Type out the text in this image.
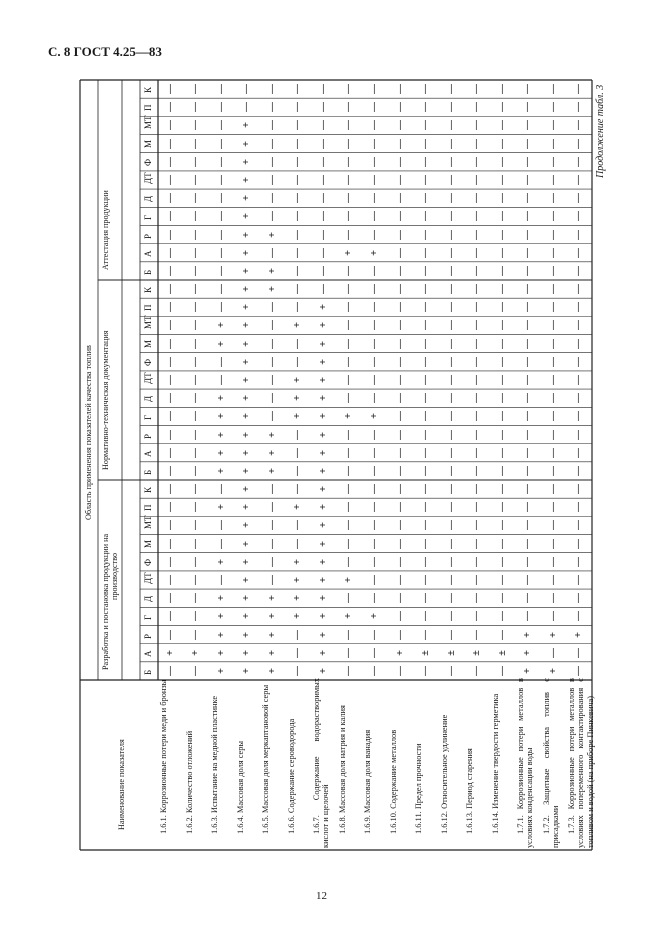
С. 8 ГОСТ 4.25—83
12
Продолжение табл. 3
Наименование показателя
Область применения показателей качества топлив
Разработка и постановка продукции на
производство
Нормативно-техническая документация
Аттестация продукции
Б
А
Р
Г
Д
ДТ
Ф
М
МТ
П
К
Б
А
Р
Г
Д
ДТ
Ф
М
МТ
П
К
Б
А
Р
Г
Д
ДТ
Ф
М
МТ
П
К
1.6.1. Коррозионные потери меди и бронзы
—
+
—
—
—
—
—
—
—
—
—
—
—
—
—
—
—
—
—
—
—
—
—
—
—
—
—
—
—
—
—
—
—
1.6.2. Количество отложений
—
+
—
—
—
—
—
—
—
—
—
—
—
—
—
—
—
—
—
—
—
—
—
—
—
—
—
—
—
—
—
—
—
1.6.3. Испытание на медной пластинке
+
+
+
+
+
—
+
—
—
+
—
+
+
+
+
+
—
—
+
+
—
—
—
—
—
—
—
—
—
—
—
—
—
1.6.4. Массовая доля серы
+
+
+
+
+
+
+
+
+
+
+
+
+
+
+
+
+
+
+
+
+
+
+
+
+
+
+
+
+
+
+
—
—
1.6.5. Массовая доля меркаптановой серы
+
+
+
+
+
—
—
—
—
—
—
+
+
+
—
—
—
—
—
—
—
+
+
—
+
—
—
—
—
—
—
—
—
1.6.6. Содержание сероводорода
—
—
—
+
+
+
+
—
—
+
—
—
—
—
+
+
+
—
—
+
—
—
—
—
—
—
—
—
—
—
—
—
—
1.6.7. Содержание водорастворимых кислот и щелочей
+
+
+
+
+
+
+
+
+
+
+
+
+
+
+
+
+
+
+
+
+
—
—
—
—
—
—
—
—
—
—
—
—
1.6.8. Массовая доля натрия и калия
—
—
—
+
—
+
—
—
—
—
—
—
—
—
+
—
—
—
—
—
—
—
—
+
—
—
—
—
—
—
—
—
—
1.6.9. Массовая доля ванадия
—
—
—
+
—
—
—
—
—
—
—
—
—
—
+
—
—
—
—
—
—
—
—
+
—
—
—
—
—
—
—
—
—
1.6.10. Содержание металлов
—
+
—
—
—
—
—
—
—
—
—
—
—
—
—
—
—
—
—
—
—
—
—
—
—
—
—
—
—
—
—
—
—
1.6.11. Предел прочности
—
±
—
—
—
—
—
—
—
—
—
—
—
—
—
—
—
—
—
—
—
—
—
—
—
—
—
—
—
—
—
—
—
1.6.12. Относительное удлинение
—
±
—
—
—
—
—
—
—
—
—
—
—
—
—
—
—
—
—
—
—
—
—
—
—
—
—
—
—
—
—
—
—
1.6.13. Период старения
—
±
—
—
—
—
—
—
—
—
—
—
—
—
—
—
—
—
—
—
—
—
—
—
—
—
—
—
—
—
—
—
—
1.6.14. Изменение твердости герметика
—
±
—
—
—
—
—
—
—
—
—
—
—
—
—
—
—
—
—
—
—
—
—
—
—
—
—
—
—
—
—
—
—
1.7.1. Коррозионные потери металлов в условиях конденсации воды
+
+
+
—
—
—
—
—
—
—
—
—
—
—
—
—
—
—
—
—
—
—
—
—
—
—
—
—
—
—
—
—
—
1.7.2. Защитные свойства топлив с присадками
+
—
+
—
—
—
—
—
—
—
—
—
—
—
—
—
—
—
—
—
—
—
—
—
—
—
—
—
—
—
—
—
—
1.7.3. Коррозионные потери металлов в условиях попеременного контактирования с топливом и водой (на приборе Пинкевича)
—
—
+
—
—
—
—
—
—
—
—
—
—
—
—
—
—
—
—
—
—
—
—
—
—
—
—
—
—
—
—
—
—
